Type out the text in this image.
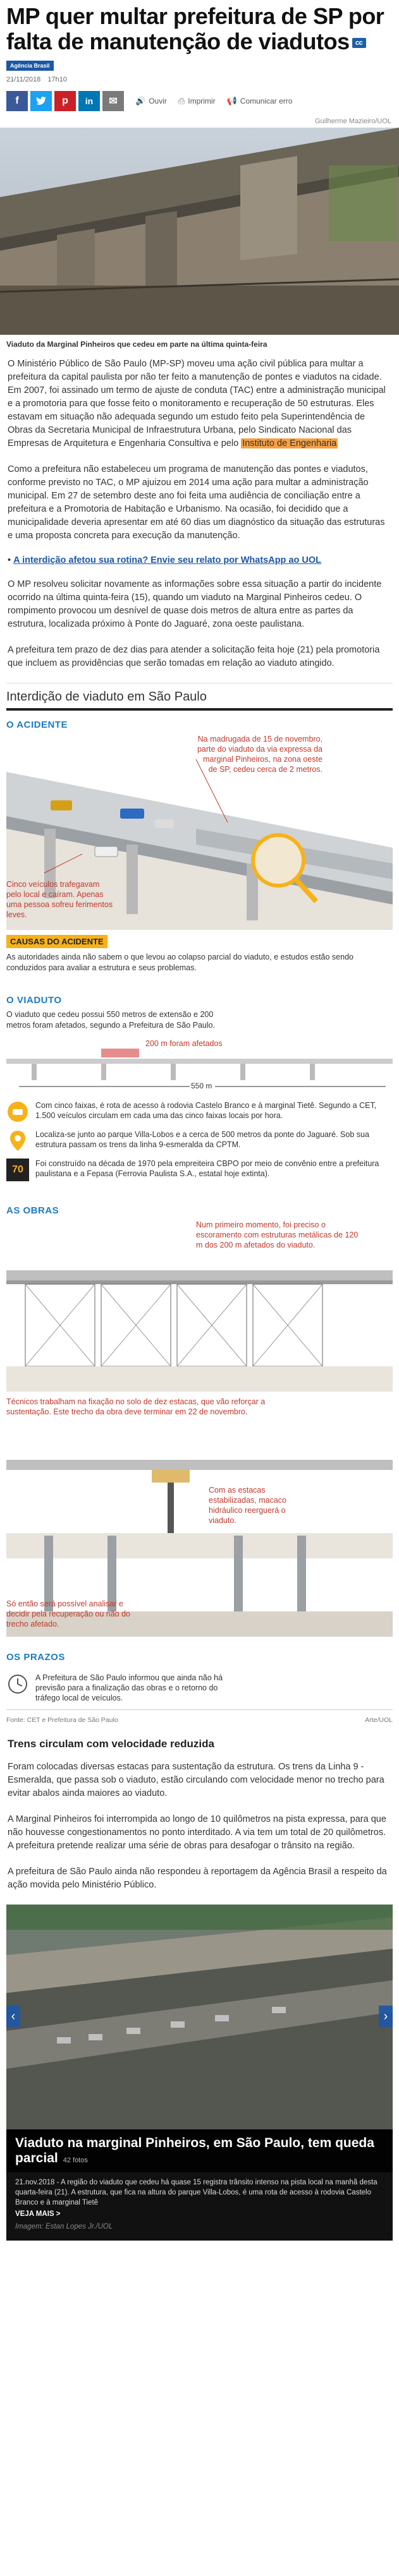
MP quer multar prefeitura de SP por falta de manutenção de viadutos cc
Agência Brasil
21/11/2018 17h10
f	p in ✉ 🔊 Ouvir ⎙ Imprimir 📢 Comunicar erro
Guilherme Mazieiro/UOL
Viaduto da Marginal Pinheiros que cedeu em parte na última quinta-feira

O Ministério Público de São Paulo (MP-SP) moveu uma ação civil pública para multar a prefeitura da capital paulista por não ter feito a manutenção de pontes e viadutos na cidade. Em 2007, foi assinado um termo de ajuste de conduta (TAC) entre a administração municipal e a promotoria para que fosse feito o monitoramento e recuperação de 50 estruturas. Eles estavam em situação não adequada segundo um estudo feito pela Superintendência de Obras da Secretaria Municipal de Infraestrutura Urbana, pelo Sindicato Nacional das Empresas de Arquitetura e Engenharia Consultiva e pelo Instituto de Engenharia

Como a prefeitura não estabeleceu um programa de manutenção das pontes e viadutos, conforme previsto no TAC, o MP ajuizou em 2014 uma ação para multar a administração municipal. Em 27 de setembro deste ano foi feita uma audiência de conciliação entre a prefeitura e a Promotoria de Habitação e Urbanismo. Na ocasião, foi decidido que a municipalidade deveria apresentar em até 60 dias um diagnóstico da situação das estruturas e uma proposta concreta para execução da manutenção.

• A interdição afetou sua rotina? Envie seu relato por WhatsApp ao UOL

O MP resolveu solicitar novamente as informações sobre essa situação a partir do incidente ocorrido na última quinta-feira (15), quando um viaduto na Marginal Pinheiros cedeu. O rompimento provocou um desnível de quase dois metros de altura entre as partes da estrutura, localizada próximo à Ponte do Jaguaré, zona oeste paulistana.

A prefeitura tem prazo de dez dias para atender a solicitação feita hoje (21) pela promotoria que incluem as providências que serão tomadas em relação ao viaduto atingido.

Interdição de viaduto em São Paulo
O ACIDENTE
Na madrugada de 15 de novembro, parte do viaduto da via expressa da marginal Pinheiros, na zona oeste de SP, cedeu cerca de 2 metros.
Cinco veículos trafegavam pelo local e caíram. Apenas uma pessoa sofreu ferimentos leves.
CAUSAS DO ACIDENTE
As autoridades ainda não sabem o que levou ao colapso parcial do viaduto, e estudos estão sendo conduzidos para avaliar a estrutura e seus problemas.
O VIADUTO
O viaduto que cedeu possui 550 metros de extensão e 200 metros foram afetados, segundo a Prefeitura de São Paulo.
200 m foram afetados
550 m
Com cinco faixas, é rota de acesso à rodovia Castelo Branco e à marginal Tietê. Segundo a CET, 1.500 veículos circulam em cada uma das cinco faixas locais por hora.
Localiza-se junto ao parque Villa-Lobos e a cerca de 500 metros da ponte do Jaguaré. Sob sua estrutura passam os trens da linha 9-esmeralda da CPTM.
70
Foi construído na década de 1970 pela empreiteira CBPO por meio de convênio entre a prefeitura paulistana e a Fepasa (Ferrovia Paulista S.A., estatal hoje extinta).
AS OBRAS
Num primeiro momento, foi preciso o escoramento com estruturas metálicas de 120 m dos 200 m afetados do viaduto.
Técnicos trabalham na fixação no solo de dez estacas, que vão reforçar a sustentação. Este trecho da obra deve terminar em 22 de novembro.
Com as estacas estabilizadas, macaco hidráulico reerguerá o viaduto.
Só então será possível analisar e decidir pela recuperação ou não do trecho afetado.
OS PRAZOS
A Prefeitura de São Paulo informou que ainda não há previsão para a finalização das obras e o retorno do tráfego local de veículos.
Fonte: CET e Prefeitura de São Paulo	Arte/UOL
Trens circulam com velocidade reduzida

Foram colocadas diversas estacas para sustentação da estrutura. Os trens da Linha 9 - Esmeralda, que passa sob o viaduto, estão circulando com velocidade menor no trecho para evitar abalos ainda maiores ao viaduto.

A Marginal Pinheiros foi interrompida ao longo de 10 quilômetros na pista expressa, para que não houvesse congestionamentos no ponto interditado. A via tem um total de 20 quilômetros. A prefeitura pretende realizar uma série de obras para desafogar o trânsito na região.

A prefeitura de São Paulo ainda não respondeu à reportagem da Agência Brasil a respeito da ação movida pelo Ministério Público.

‹	›
Viaduto na marginal Pinheiros, em São Paulo, tem queda parcial 42 fotos
21.nov.2018 - A região do viaduto que cedeu há quase 15 registra trânsito intenso na pista local na manhã desta quarta-feira (21). A estrutura, que fica na altura do parque Villa-Lobos, é uma rota de acesso à rodovia Castelo Branco e à marginal Tietê
VEJA MAIS >
Imagem: Estan Lopes Jr./UOL
